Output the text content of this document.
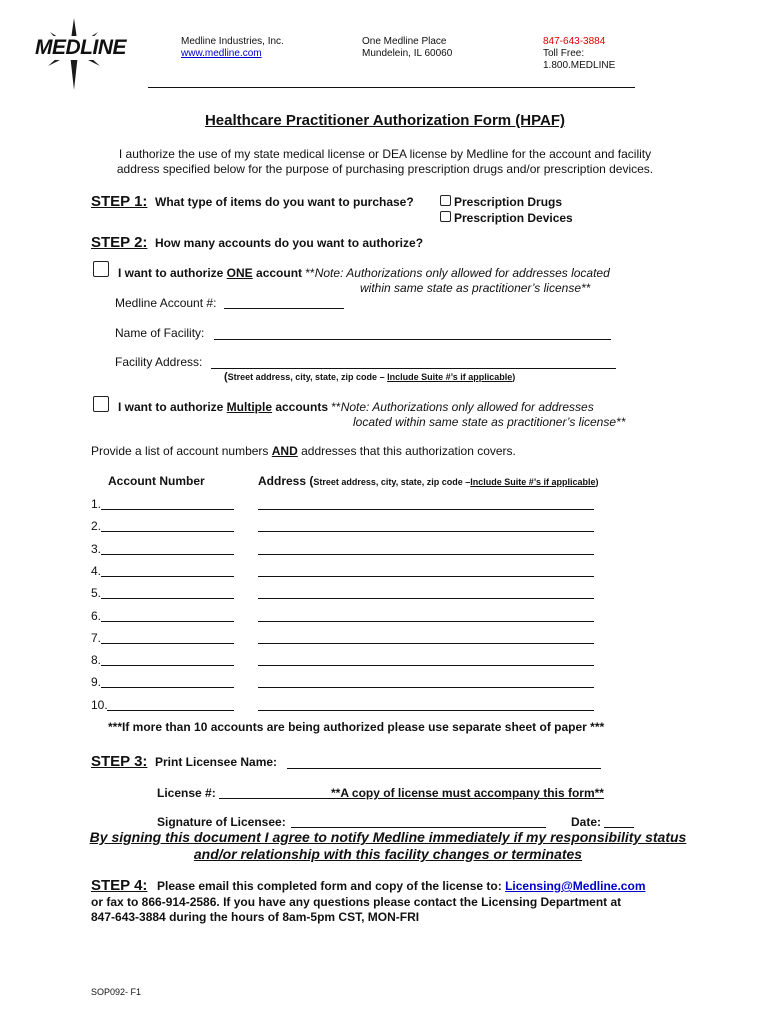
MEDLINE	Medline Industries, Inc.
www.medline.com
One Medline Place
Mundelein, IL 60060
847-643-3884
Toll Free:
1.800.MEDLINE
Healthcare Practitioner Authorization Form (HPAF)
I authorize the use of my state medical license or DEA license by Medline for the account and facility
address specified below for the purpose of purchasing prescription drugs and/or prescription devices.
STEP 1: What type of items do you want to purchase?	Prescription Drugs
Prescription Devices
STEP 2: How many accounts do you want to authorize?
I want to authorize ONE account **Note: Authorizations only allowed for addresses located
within same state as practitioner’s license**
Medline Account #:
Name of Facility:
Facility Address:
(Street address, city, state, zip code – Include Suite #’s if applicable)
I want to authorize Multiple accounts **Note: Authorizations only allowed for addresses
located within same state as practitioner’s license**
Provide a list of account numbers AND addresses that this authorization covers.
Account Number	Address (Street address, city, state, zip code –Include Suite #’s if applicable)
1.
2.
3.
4.
5.
6.
7.
8.
9.
10.
***If more than 10 accounts are being authorized please use separate sheet of paper ***
STEP 3: Print Licensee Name:
License #:	**A copy of license must accompany this form**
Signature of Licensee:	Date:
By signing this document I agree to notify Medline immediately if my responsibility status
and/or relationship with this facility changes or terminates
STEP 4: Please email this completed form and copy of the license to: Licensing@Medline.com
or fax to 866-914-2586. If you have any questions please contact the Licensing Department at
847-643-3884 during the hours of 8am-5pm CST, MON-FRI
SOP092- F1
